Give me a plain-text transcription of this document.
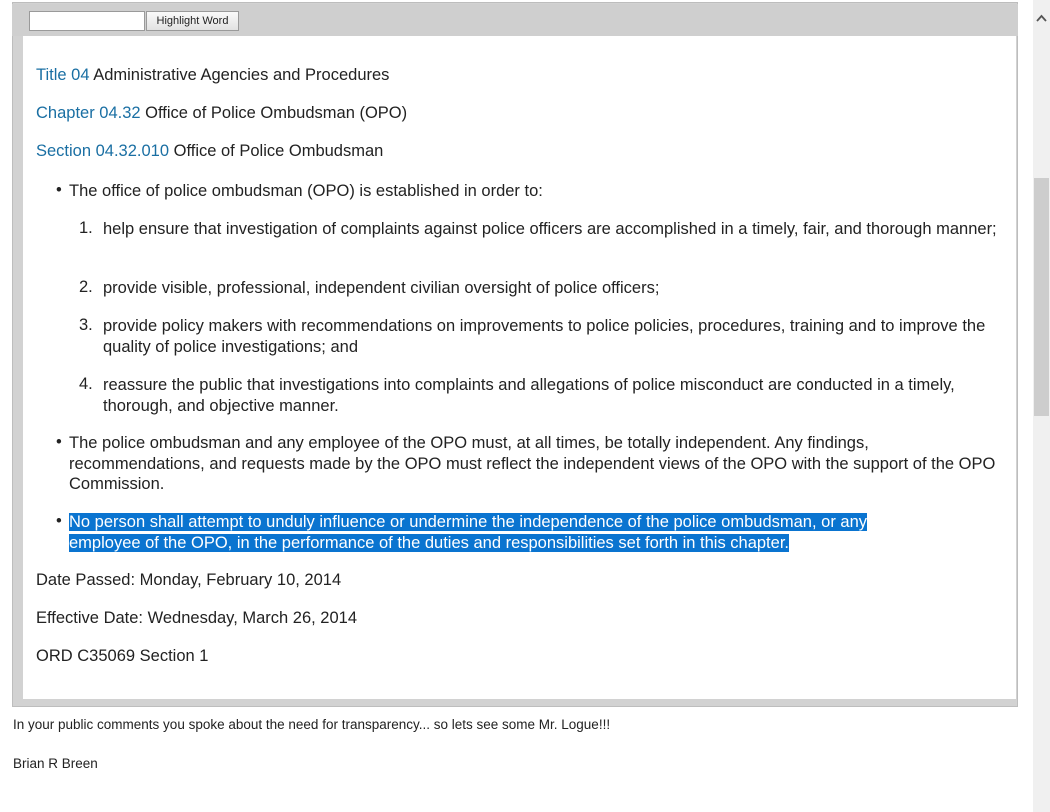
Highlight Word
Title 04 Administrative Agencies and Procedures
Chapter 04.32 Office of Police Ombudsman (OPO)
Section 04.32.010 Office of Police Ombudsman
• The office of police ombudsman (OPO) is established in order to:
1. help ensure that investigation of complaints against police officers are accomplished in a timely, fair, and thorough manner;
2. provide visible, professional, independent civilian oversight of police officers;
3. provide policy makers with recommendations on improvements to police policies, procedures, training and to improve the quality of police investigations; and
4. reassure the public that investigations into complaints and allegations of police misconduct are conducted in a timely, thorough, and objective manner.
• The police ombudsman and any employee of the OPO must, at all times, be totally independent. Any findings, recommendations, and requests made by the OPO must reflect the independent views of the OPO with the support of the OPO Commission.
• No person shall attempt to unduly influence or undermine the independence of the police ombudsman, or any
employee of the OPO, in the performance of the duties and responsibilities set forth in this chapter.
Date Passed: Monday, February 10, 2014
Effective Date: Wednesday, March 26, 2014
ORD C35069 Section 1
In your public comments you spoke about the need for transparency... so lets see some Mr. Logue!!!
Brian R Breen
